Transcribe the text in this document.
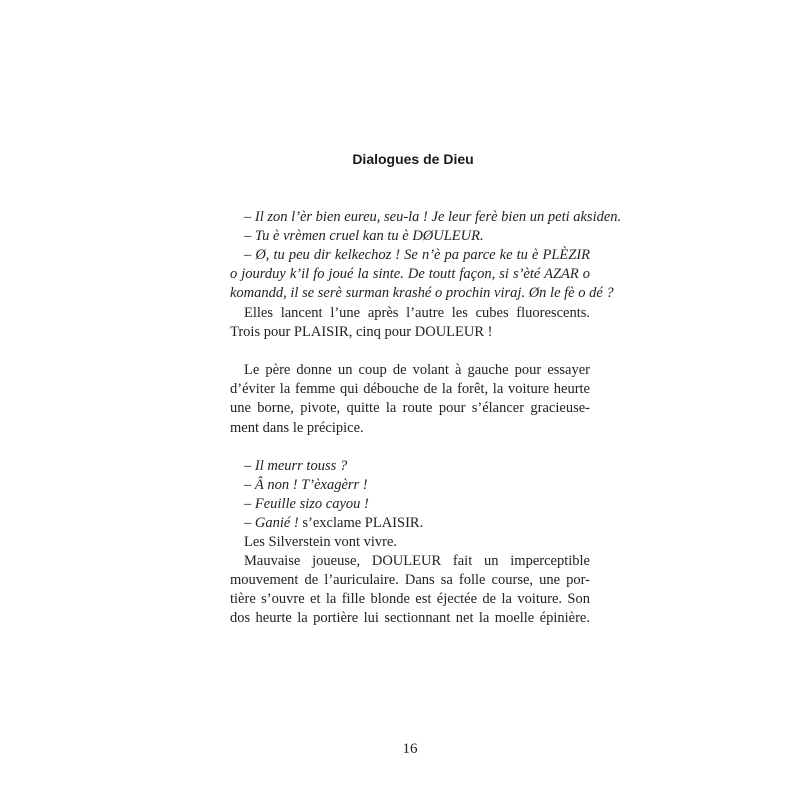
Dialogues de Dieu
– Il zon l’èr bien eureu, seu-la ! Je leur ferè bien un peti aksiden.
– Tu è vrèmen cruel kan tu è DØULEUR.
– Ø, tu peu dir kelkechoz ! Se n’è pa parce ke tu è PLÈZIR
o jourduy k’il fo joué la sinte. De toutt façon, si s’èté AZAR o
komandd, il se serè surman krashé o prochin viraj. Øn le fè o dé ?
Elles lancent l’une après l’autre les cubes fluorescents.
Trois pour PLAISIR, cinq pour DOULEUR !
Le père donne un coup de volant à gauche pour essayer
d’éviter la femme qui débouche de la forêt, la voiture heurte
une borne, pivote, quitte la route pour s’élancer gracieuse-
ment dans le précipice.
– Il meurr touss ?
– Â non ! T’èxagèrr !
– Feuille sizo cayou !
– Ganié ! s’exclame PLAISIR.
Les Silverstein vont vivre.
Mauvaise joueuse, DOULEUR fait un imperceptible
mouvement de l’auriculaire. Dans sa folle course, une por-
tière s’ouvre et la fille blonde est éjectée de la voiture. Son
dos heurte la portière lui sectionnant net la moelle épinière.
16
